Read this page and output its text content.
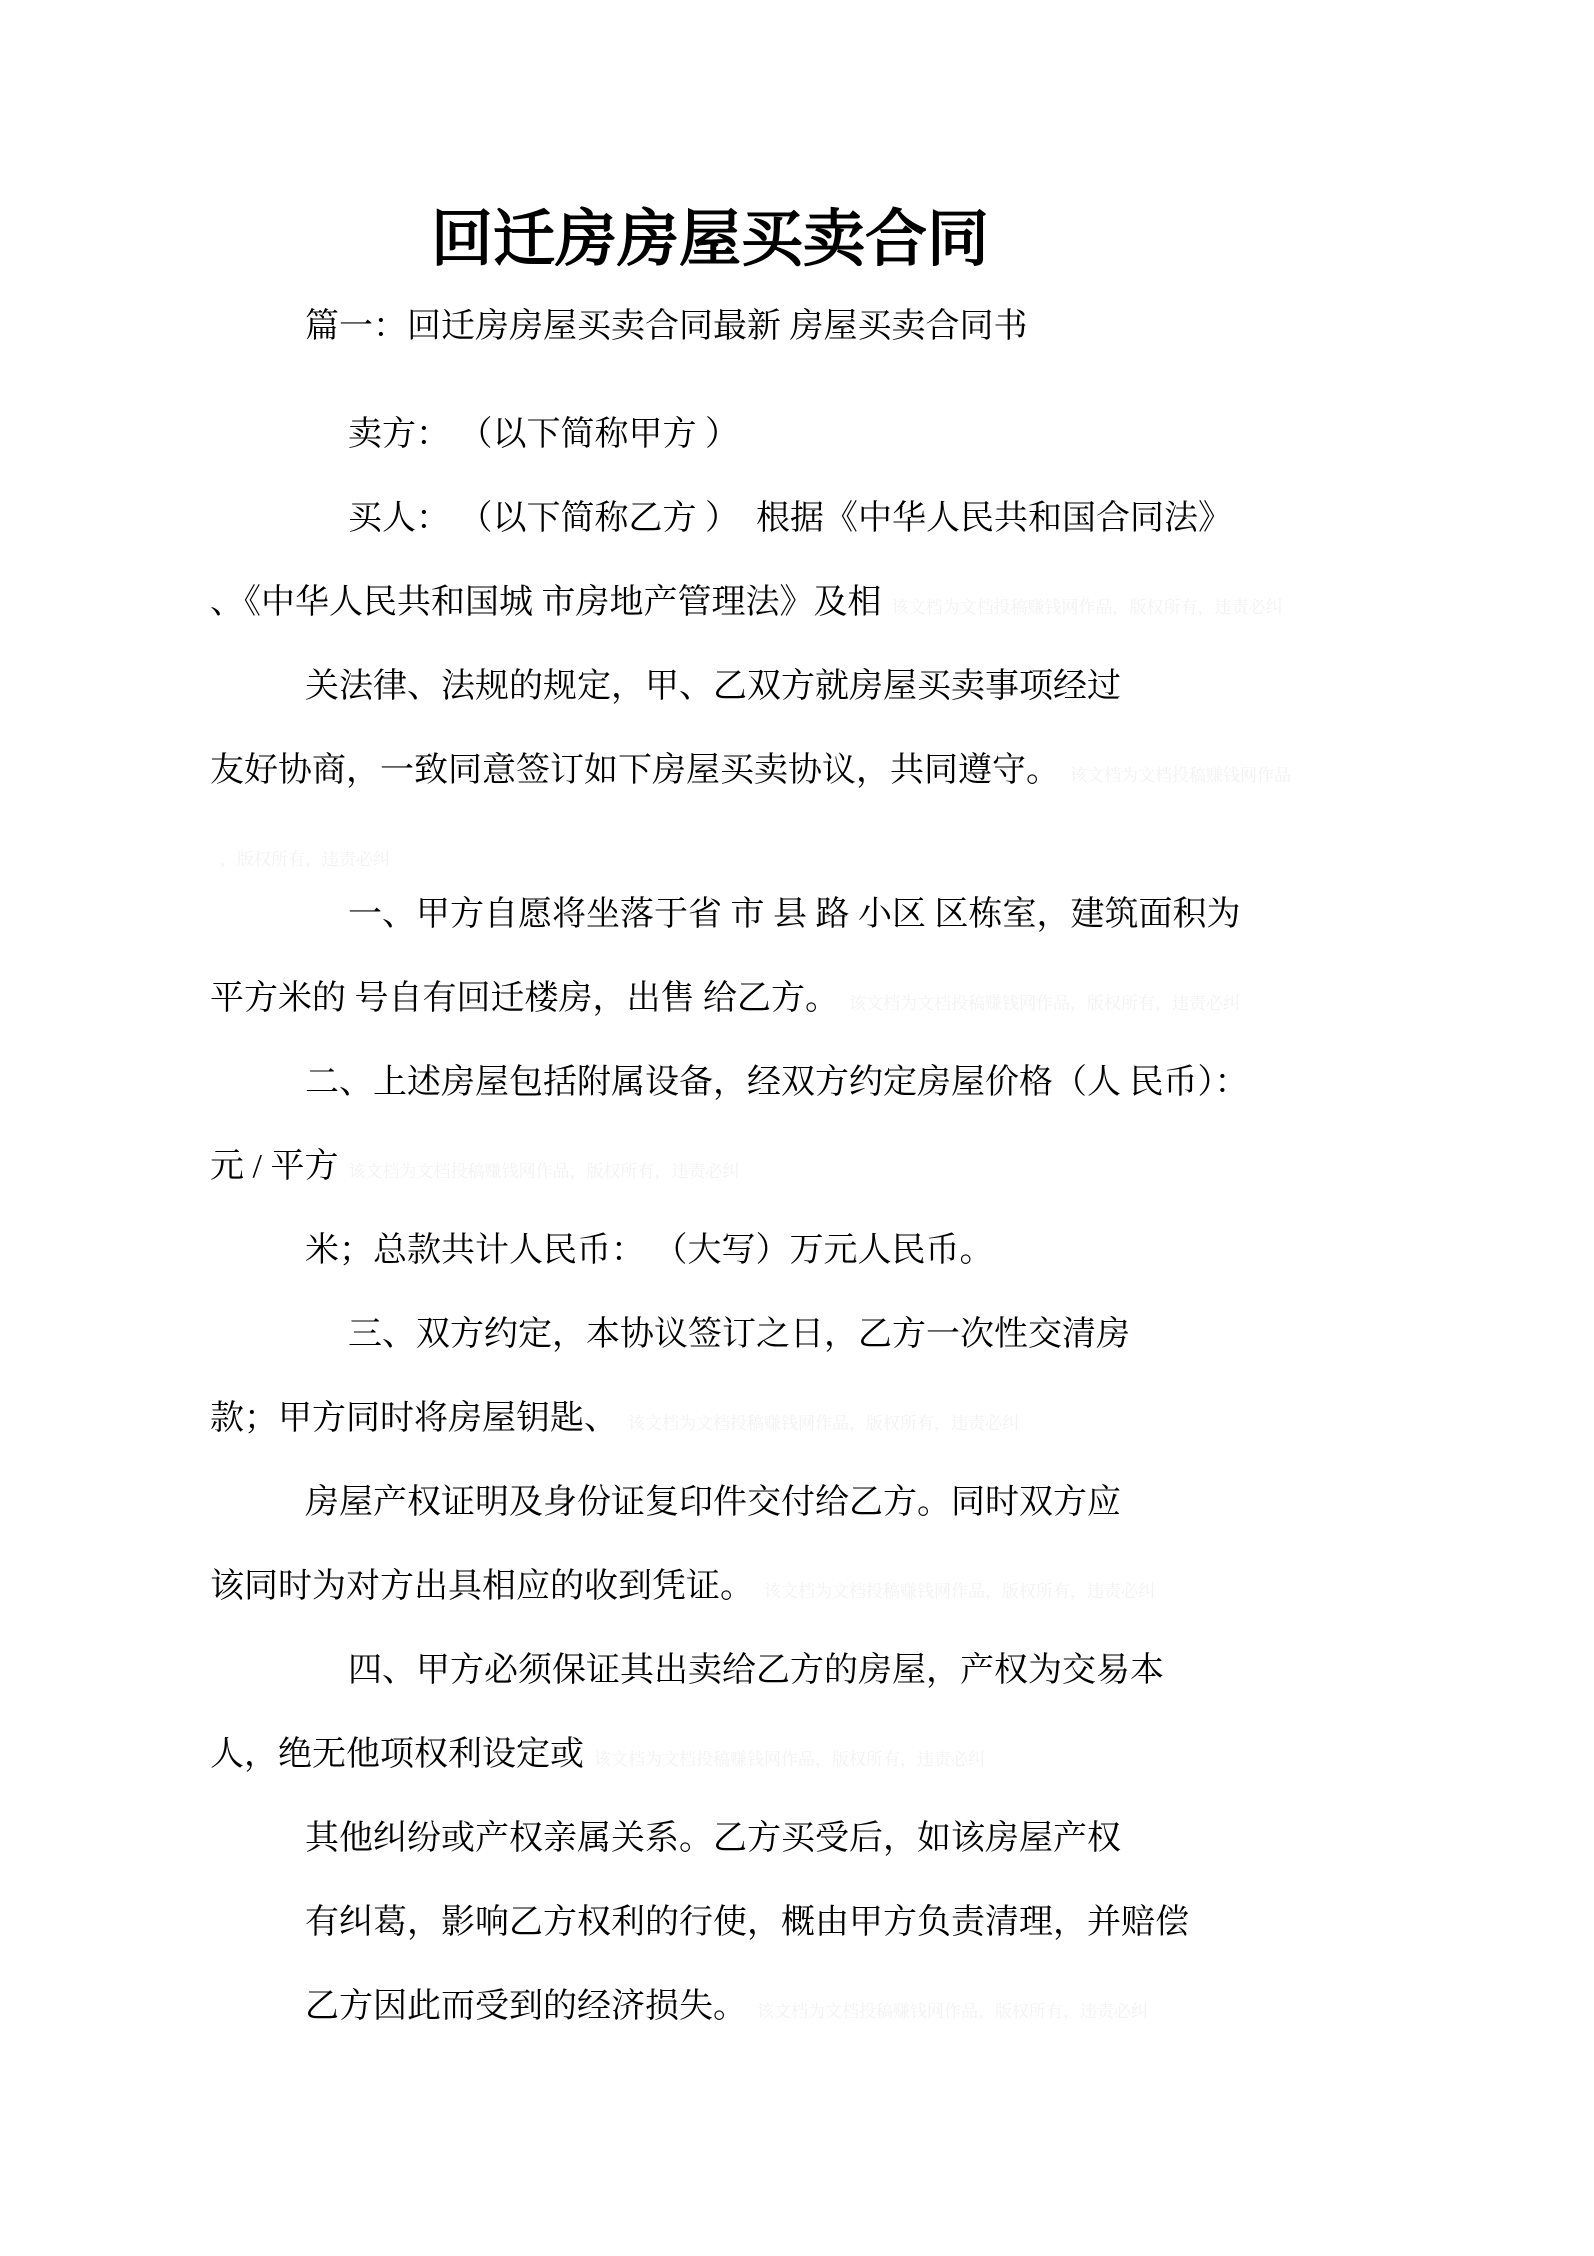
回迁房房屋买卖合同
篇一：回迁房房屋买卖合同最新 房屋买卖合同书
卖方： （以下简称甲方 ）
买人： （以下简称乙方 ）  根据《中华人民共和国合同法》
、《中华人民共和国城 市房地产管理法》及相 该文档为文档投稿赚钱网作品，版权所有，违责必纠
关法律、法规的规定，甲、乙双方就房屋买卖事项经过
友好协商，一致同意签订如下房屋买卖协议，共同遵守。 该文档为文档投稿赚钱网作品
，版权所有，违责必纠
一、甲方自愿将坐落于省 市 县 路 小区 区栋室，建筑面积为
平方米的 号自有回迁楼房，出售 给乙方。 该文档为文档投稿赚钱网作品，版权所有，违责必纠
二、上述房屋包括附属设备，经双方约定房屋价格（人 民币）：
元 / 平方 该文档为文档投稿赚钱网作品，版权所有，违责必纠
米；总款共计人民币： （大写）万元人民币。
三、双方约定，本协议签订之日，乙方一次性交清房
款；甲方同时将房屋钥匙、 该文档为文档投稿赚钱网作品，版权所有，违责必纠
房屋产权证明及身份证复印件交付给乙方。同时双方应
该同时为对方出具相应的收到凭证。 该文档为文档投稿赚钱网作品，版权所有，违责必纠
四、甲方必须保证其出卖给乙方的房屋，产权为交易本
人，绝无他项权利设定或 该文档为文档投稿赚钱网作品，版权所有，违责必纠
其他纠纷或产权亲属关系。乙方买受后，如该房屋产权
有纠葛，影响乙方权利的行使，概由甲方负责清理，并赔偿
乙方因此而受到的经济损失。 该文档为文档投稿赚钱网作品，版权所有，违责必纠
